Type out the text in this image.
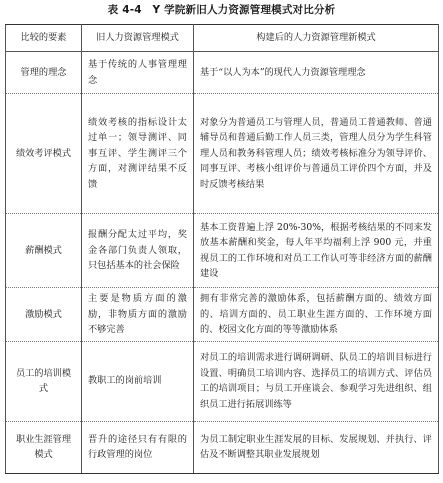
表 4-4　Y 学院新旧人力资源管理模式对比分析
比较的要素	旧人力资源管理模式	构建后的人力资源管理新模式
管理的理念	基于传统的人事管理理念	基于“以人为本”的现代人力资源管理理念
绩效考评模式	绩效考核的指标设计太过单一；领导测评、同事互评、学生测评三个方面，对测评结果不反馈	对象分为普通员工与管理人员，普通员工普通教师、普通辅导员和普通后勤工作人员三类，管理人员分为学生科管理人员和教务科管理人员；绩效考核标准分为领导评价、同事互评、考核小组评价与普通员工评价四个方面，并及时反馈考核结果
薪酬模式	报酬分配太过平均，奖金各部门负责人领取，只包括基本的社会保险	基本工资普遍上浮 20%-30%，根据考核结果的不同来发放基本薪酬和奖金，每人年平均福利上浮 900 元，并重视员工的工作环境和对员工工作认可等非经济方面的薪酬建设
激励模式	主要是物质方面的激励，非物质方面的激励不够完善	拥有非常完善的激励体系，包括薪酬方面的、绩效方面的、培训方面的、员工职业生涯方面的、工作环境方面的、校园文化方面的等等激励体系
员工的培训模式	教职工的岗前培训	对员工的培训需求进行调研调研、队员工的培训目标进行设置、明确员工培训内容、选择员工的培训方式、评估员工的培训项目；与员工开座谈会、参观学习先进组织、组织员工进行拓展训练等
职业生涯管理模式	晋升的途径只有有限的行政管理的岗位	为员工制定职业生涯发展的目标、发展规划、并执行、评估及不断调整其职业发展规划
